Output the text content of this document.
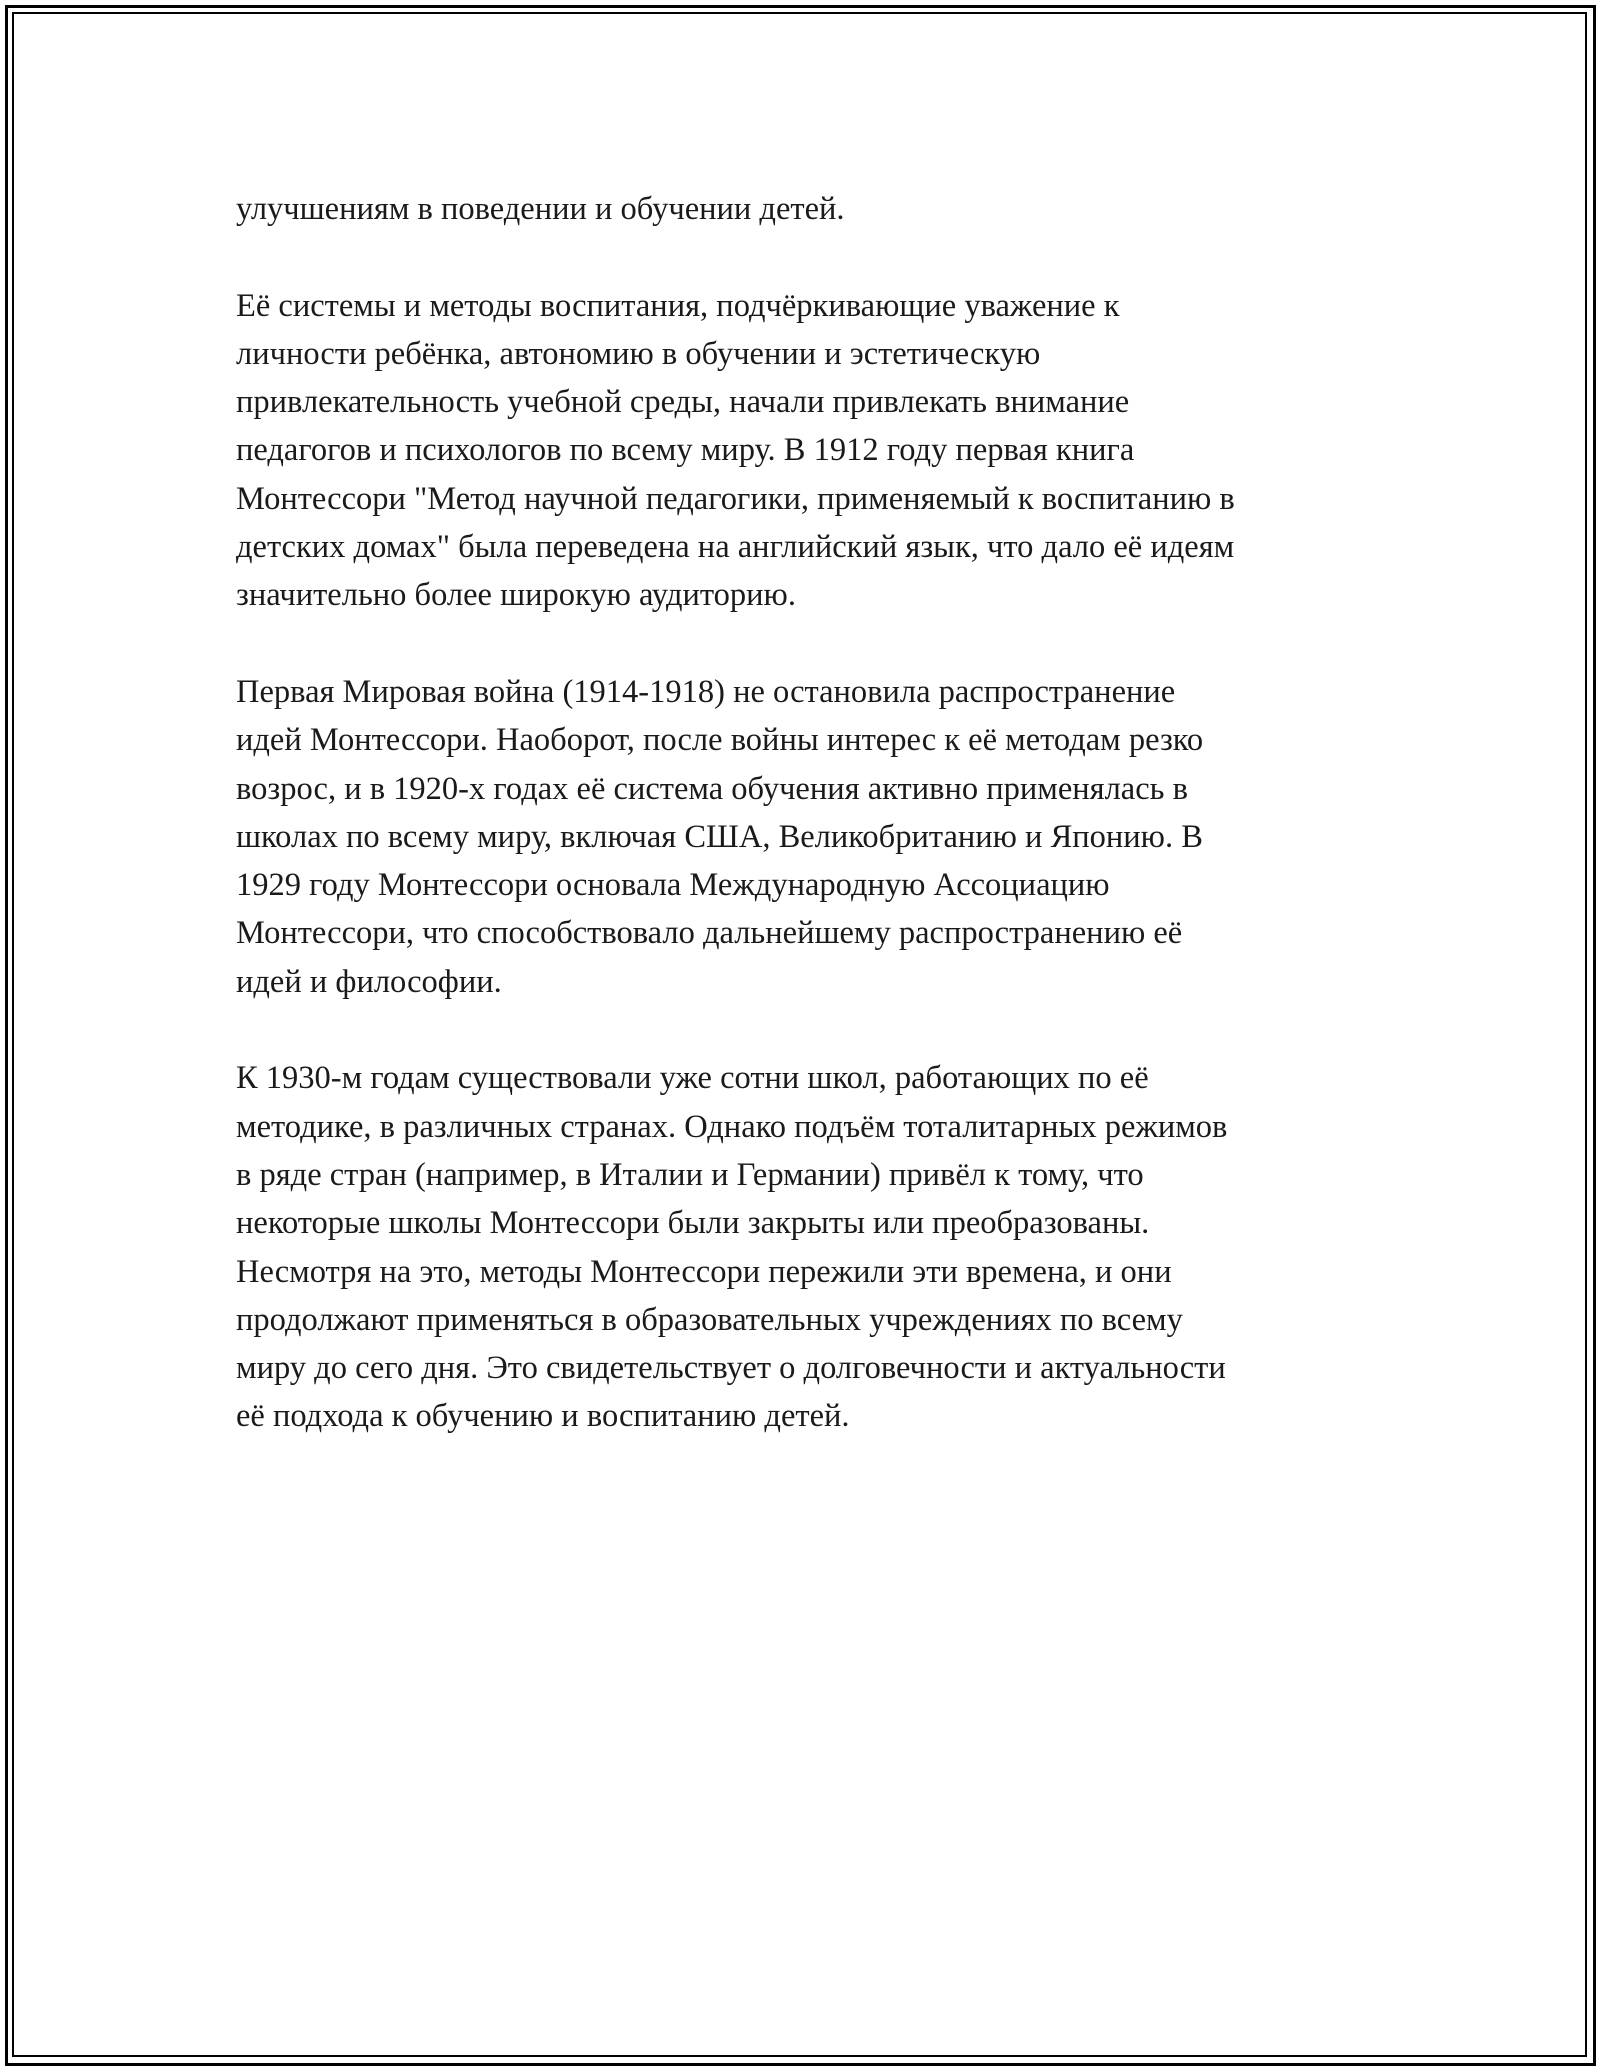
улучшениям в поведении и обучении детей.

Её системы и методы воспитания, подчёркивающие уважение к
личности ребёнка, автономию в обучении и эстетическую
привлекательность учебной среды, начали привлекать внимание
педагогов и психологов по всему миру. В 1912 году первая книга
Монтессори "Метод научной педагогики, применяемый к воспитанию в
детских домах" была переведена на английский язык, что дало её идеям
значительно более широкую аудиторию.

Первая Мировая война (1914-1918) не остановила распространение
идей Монтессори. Наоборот, после войны интерес к её методам резко
возрос, и в 1920-х годах её система обучения активно применялась в
школах по всему миру, включая США, Великобританию и Японию. В
1929 году Монтессори основала Международную Ассоциацию
Монтессори, что способствовало дальнейшему распространению её
идей и философии.

К 1930-м годам существовали уже сотни школ, работающих по её
методике, в различных странах. Однако подъём тоталитарных режимов
в ряде стран (например, в Италии и Германии) привёл к тому, что
некоторые школы Монтессори были закрыты или преобразованы.
Несмотря на это, методы Монтессори пережили эти времена, и они
продолжают применяться в образовательных учреждениях по всему
миру до сего дня. Это свидетельствует о долговечности и актуальности
её подхода к обучению и воспитанию детей.
